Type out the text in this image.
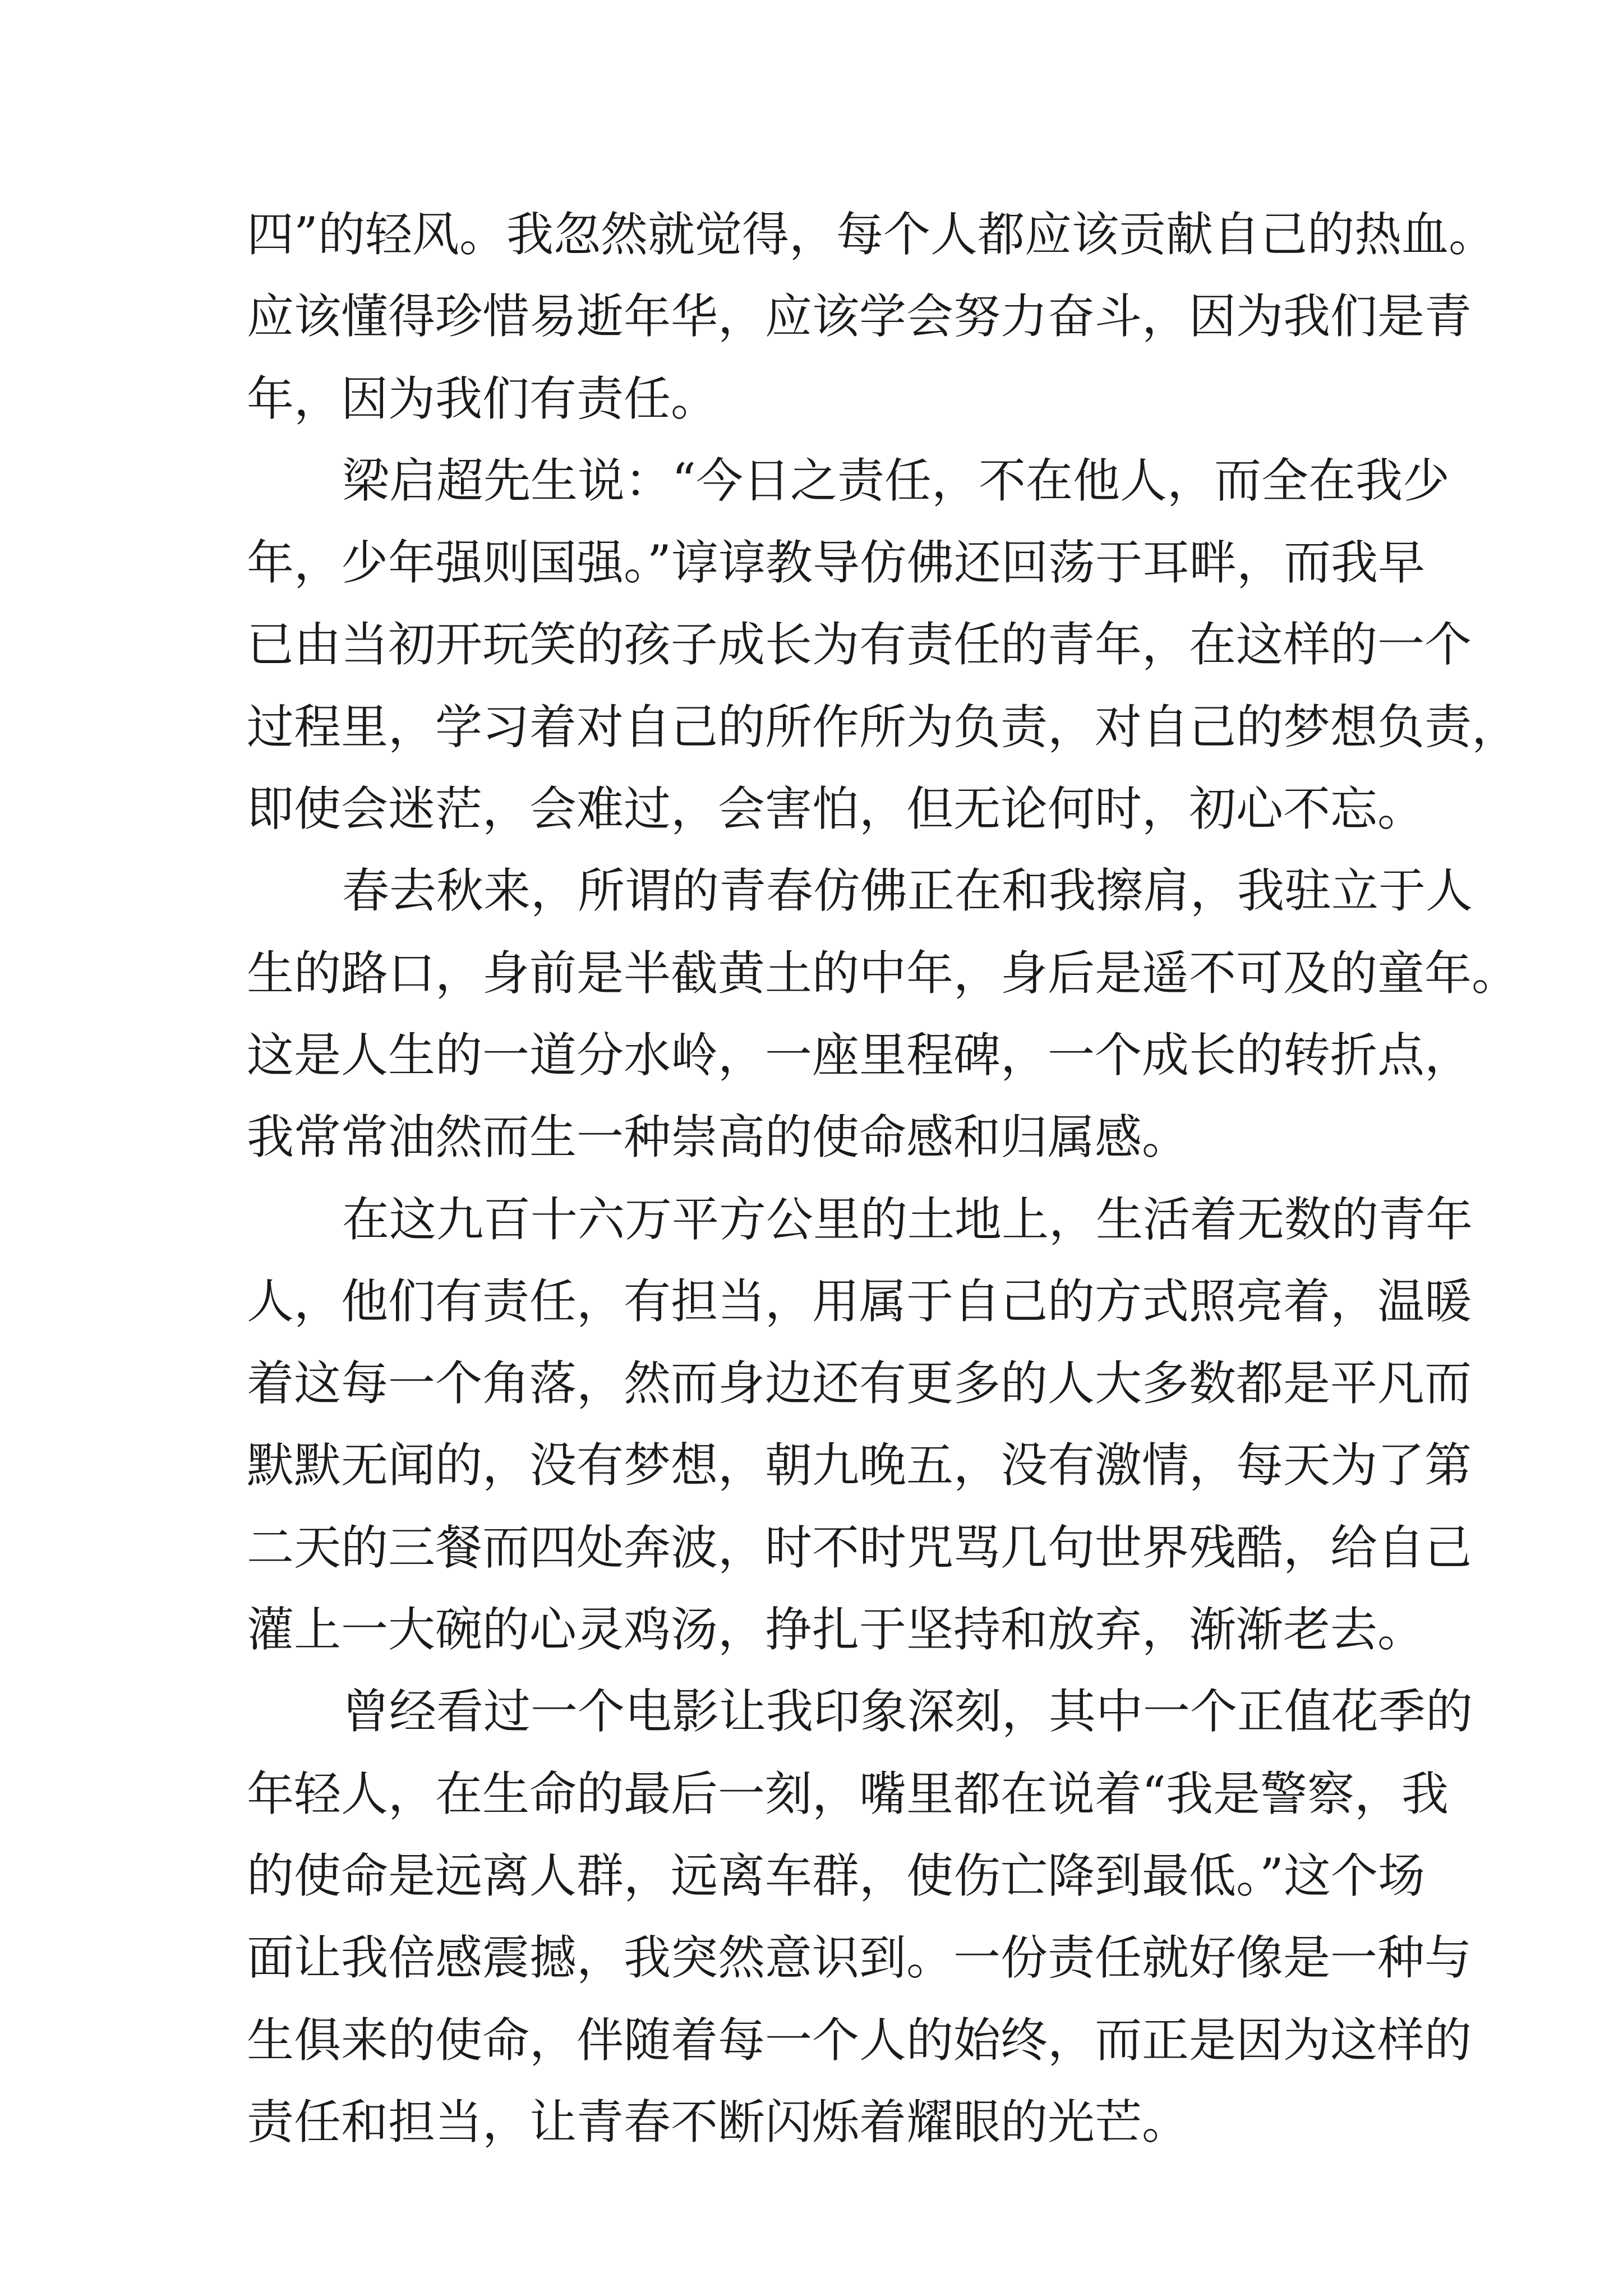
四”的轻风。我忽然就觉得，每个人都应该贡献自己的热血。
应该懂得珍惜易逝年华，应该学会努力奋斗，因为我们是青
年，因为我们有责任。
梁启超先生说：“今日之责任，不在他人，而全在我少
年，少年强则国强。”谆谆教导仿佛还回荡于耳畔，而我早
已由当初开玩笑的孩子成长为有责任的青年，在这样的一个
过程里，学习着对自己的所作所为负责，对自己的梦想负责，
即使会迷茫，会难过，会害怕，但无论何时，初心不忘。
春去秋来，所谓的青春仿佛正在和我擦肩，我驻立于人
生的路口，身前是半截黄土的中年，身后是遥不可及的童年。
这是人生的一道分水岭，一座里程碑，一个成长的转折点，
我常常油然而生一种崇高的使命感和归属感。
在这九百十六万平方公里的土地上，生活着无数的青年
人，他们有责任，有担当，用属于自己的方式照亮着，温暖
着这每一个角落，然而身边还有更多的人大多数都是平凡而
默默无闻的，没有梦想，朝九晚五，没有激情，每天为了第
二天的三餐而四处奔波，时不时咒骂几句世界残酷，给自己
灌上一大碗的心灵鸡汤，挣扎于坚持和放弃，渐渐老去。
曾经看过一个电影让我印象深刻，其中一个正值花季的
年轻人，在生命的最后一刻，嘴里都在说着“我是警察，我
的使命是远离人群，远离车群，使伤亡降到最低。”这个场
面让我倍感震撼，我突然意识到。一份责任就好像是一种与
生俱来的使命，伴随着每一个人的始终，而正是因为这样的
责任和担当，让青春不断闪烁着耀眼的光芒。
